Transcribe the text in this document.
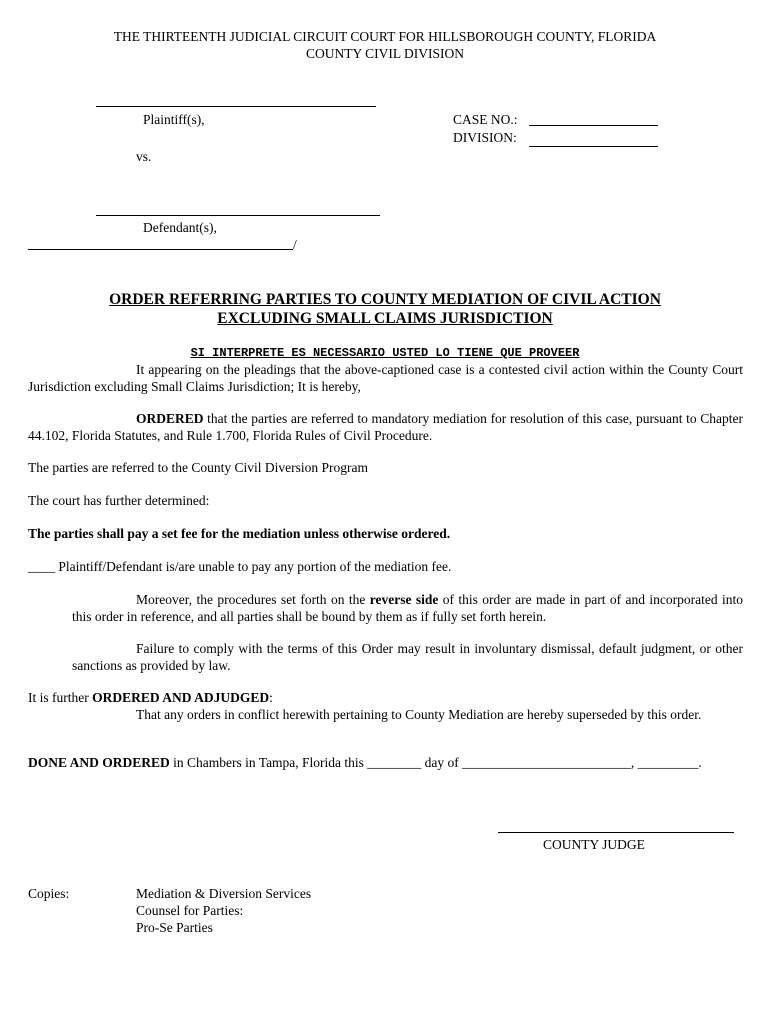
THE THIRTEENTH JUDICIAL CIRCUIT COURT FOR HILLSBOROUGH COUNTY, FLORIDA
COUNTY CIVIL DIVISION
Plaintiff(s),
vs.
Defendant(s),
/
CASE NO.:
DIVISION:
ORDER REFERRING PARTIES TO COUNTY MEDIATION OF CIVIL ACTION
EXCLUDING SMALL CLAIMS JURISDICTION
SI INTERPRETE ES NECESSARIO USTED LO TIENE QUE PROVEER
It appearing on the pleadings that the above-captioned case is a contested civil action within the County Court Jurisdiction excluding Small Claims Jurisdiction; It is hereby,
ORDERED that the parties are referred to mandatory mediation for resolution of this case, pursuant to Chapter 44.102, Florida Statutes, and Rule 1.700, Florida Rules of Civil Procedure.
The parties are referred to the County Civil Diversion Program
The court has further determined:
The parties shall pay a set fee for the mediation unless otherwise ordered.
____ Plaintiff/Defendant is/are unable to pay any portion of the mediation fee.
Moreover, the procedures set forth on the reverse side of this order are made in part of and incorporated into this order in reference, and all parties shall be bound by them as if fully set forth herein.
Failure to comply with the terms of this Order may result in involuntary dismissal, default judgment, or other sanctions as provided by law.
It is further ORDERED AND ADJUDGED:
That any orders in conflict herewith pertaining to County Mediation are hereby superseded by this order.
DONE AND ORDERED in Chambers in Tampa, Florida this ________ day of _________________________, _________.
COUNTY JUDGE
Copies:	Mediation & Diversion Services
Counsel for Parties:
Pro-Se Parties
